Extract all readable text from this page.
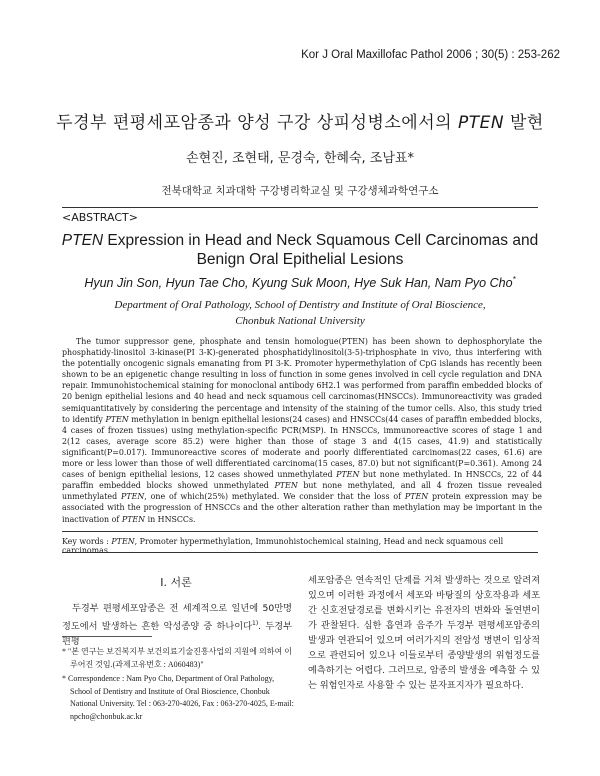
Kor J Oral Maxillofac Pathol 2006 ; 30(5) : 253-262
두경부 편평세포암종과 양성 구강 상피성병소에서의 PTEN 발현
손현진, 조현태, 문경숙, 한혜숙, 조남표*
전북대학교 치과대학 구강병리학교실 및 구강생체과학연구소
<ABSTRACT>
PTEN Expression in Head and Neck Squamous Cell Carcinomas and
Benign Oral Epithelial Lesions
Hyun Jin Son, Hyun Tae Cho, Kyung Suk Moon, Hye Suk Han, Nam Pyo Cho*
Department of Oral Pathology, School of Dentistry and Institute of Oral Bioscience,
Chonbuk National University
The tumor suppressor gene, phosphate and tensin homologue(PTEN) has been shown to dephosphorylate the phosphatidy-linositol 3-kinase(PI 3-K)-generated phosphatidylinositol(3-5)-triphosphate in vivo, thus interfering with the potentially oncogenic signals emanating from PI 3-K. Promoter hypermethylation of CpG islands has recently been shown to be an epigenetic change resulting in loss of function in some genes involved in cell cycle regulation and DNA repair. Immunohistochemical staining for monoclonal antibody 6H2.1 was performed from paraffin embedded blocks of 20 benign epithelial lesions and 40 head and neck squamous cell carcinomas(HNSCCs). Immunoreactivity was graded semiquantitatively by considering the percentage and intensity of the staining of the tumor cells. Also, this study tried to identify PTEN methylation in benign epithelial lesions(24 cases) and HNSCCs(44 cases of paraffin embedded blocks, 4 cases of frozen tissues) using methylation-specific PCR(MSP). In HNSCCs, immunoreactive scores of stage 1 and 2(12 cases, average score 85.2) were higher than those of stage 3 and 4(15 cases, 41.9) and statistically significant(P=0.017). Immunoreactive scores of moderate and poorly differentiated carcinomas(22 cases, 61.6) are more or less lower than those of well differentiated carcinoma(15 cases, 87.0) but not significant(P=0.361). Among 24 cases of benign epithelial lesions, 12 cases showed unmethylated PTEN but none methylated. In HNSCCs, 22 of 44 paraffin embedded blocks showed unmethylated PTEN but none methylated, and all 4 frozen tissue revealed unmethylated PTEN, one of which(25%) methylated. We consider that the loss of PTEN protein expression may be associated with the progression of HNSCCs and the other alteration rather than methylation may be important in the inactivation of PTEN in HNSCCs.
Key words : PTEN, Promoter hypermethylation, Immunohistochemical staining, Head and neck squamous cell carcinomas
I. 서론
두경부 편평세포암종은 전 세계적으로 일년에 50만명 정도에서 발생하는 흔한 악성종양 중 하나이다$^{1)}$. 두경부 편평

* "본 연구는 보건복지부 보건의료기술진흥사업의 지원에 의하여 이루어진 것임.(과제고유번호 : A060483)"

* Correspondence : Nam Pyo Cho, Department of Oral Pathology, School of Dentistry and Institute of Oral Bioscience, Chonbuk National University. Tel : 063-270-4026, Fax : 063-270-4025, E-mail: npcho@chonbuk.ac.kr

세포암종은 연속적인 단계를 거쳐 발생하는 것으로 알려져 있으며 이러한 과정에서 세포와 바탕질의 상호작용과 세포간 신호전달경로를 변화시키는 유전자의 변화와 돌연변이가 관찰된다. 심한 흡연과 음주가 두경부 편평세포암종의 발생과 연관되어 있으며 여러가지의 전암성 병변이 임상적으로 관련되어 있으나 이들로부터 종양발생의 위험정도를 예측하기는 어렵다. 그러므로, 암종의 발생을 예측할 수 있는 위험인자로 사용할 수 있는 분자표지자가 필요하다.
